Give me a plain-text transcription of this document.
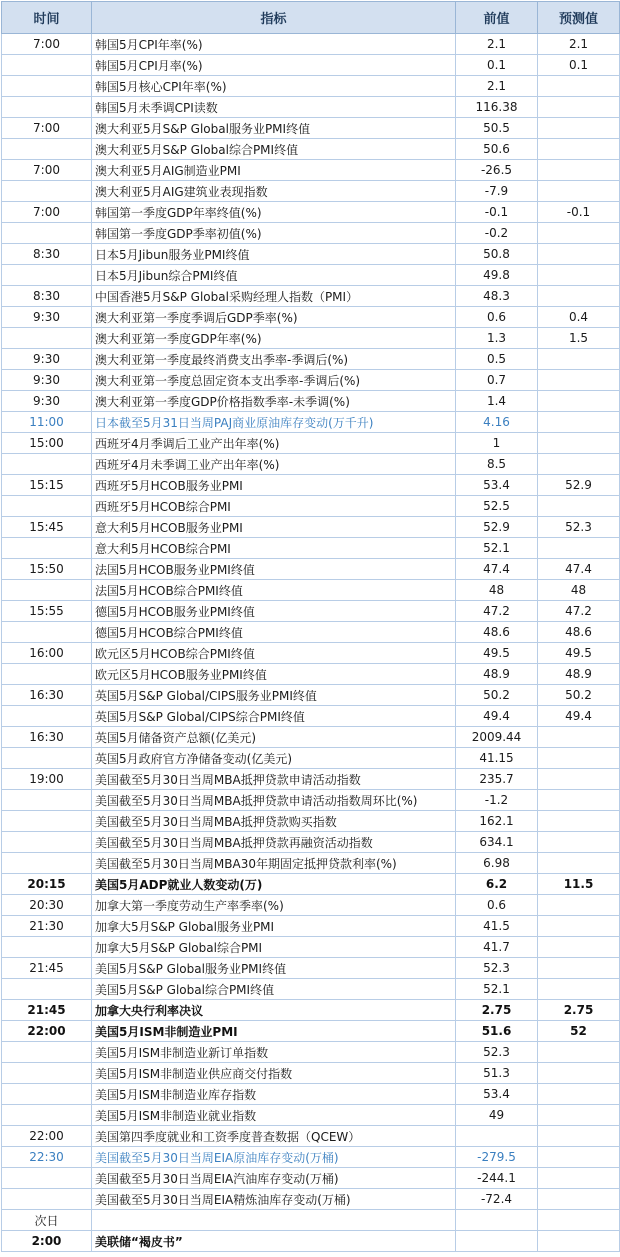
时间	指标	前值	预测值
7:00	韩国5月CPI年率(%)	2.1	2.1
	韩国5月CPI月率(%)	0.1	0.1
	韩国5月核心CPI年率(%)	2.1	
	韩国5月未季调CPI读数	116.38	
7:00	澳大利亚5月S&P Global服务业PMI终值	50.5	
	澳大利亚5月S&P Global综合PMI终值	50.6	
7:00	澳大利亚5月AIG制造业PMI	-26.5	
	澳大利亚5月AIG建筑业表现指数	-7.9	
7:00	韩国第一季度GDP年率终值(%)	-0.1	-0.1
	韩国第一季度GDP季率初值(%)	-0.2	
8:30	日本5月Jibun服务业PMI终值	50.8	
	日本5月Jibun综合PMI终值	49.8	
8:30	中国香港5月S&P Global采购经理人指数（PMI）	48.3	
9:30	澳大利亚第一季度季调后GDP季率(%)	0.6	0.4
	澳大利亚第一季度GDP年率(%)	1.3	1.5
9:30	澳大利亚第一季度最终消费支出季率-季调后(%)	0.5	
9:30	澳大利亚第一季度总固定资本支出季率-季调后(%)	0.7	
9:30	澳大利亚第一季度GDP价格指数季率-未季调(%)	1.4	
11:00	日本截至5月31日当周PAJ商业原油库存变动(万千升)	4.16	
15:00	西班牙4月季调后工业产出年率(%)	1	
	西班牙4月未季调工业产出年率(%)	8.5	
15:15	西班牙5月HCOB服务业PMI	53.4	52.9
	西班牙5月HCOB综合PMI	52.5	
15:45	意大利5月HCOB服务业PMI	52.9	52.3
	意大利5月HCOB综合PMI	52.1	
15:50	法国5月HCOB服务业PMI终值	47.4	47.4
	法国5月HCOB综合PMI终值	48	48
15:55	德国5月HCOB服务业PMI终值	47.2	47.2
	德国5月HCOB综合PMI终值	48.6	48.6
16:00	欧元区5月HCOB综合PMI终值	49.5	49.5
	欧元区5月HCOB服务业PMI终值	48.9	48.9
16:30	英国5月S&P Global/CIPS服务业PMI终值	50.2	50.2
	英国5月S&P Global/CIPS综合PMI终值	49.4	49.4
16:30	英国5月储备资产总额(亿美元)	2009.44	
	英国5月政府官方净储备变动(亿美元)	41.15	
19:00	美国截至5月30日当周MBA抵押贷款申请活动指数	235.7	
	美国截至5月30日当周MBA抵押贷款申请活动指数周环比(%)	-1.2	
	美国截至5月30日当周MBA抵押贷款购买指数	162.1	
	美国截至5月30日当周MBA抵押贷款再融资活动指数	634.1	
	美国截至5月30日当周MBA30年期固定抵押贷款利率(%)	6.98	
20:15	美国5月ADP就业人数变动(万)	6.2	11.5
20:30	加拿大第一季度劳动生产率季率(%)	0.6	
21:30	加拿大5月S&P Global服务业PMI	41.5	
	加拿大5月S&P Global综合PMI	41.7	
21:45	美国5月S&P Global服务业PMI终值	52.3	
	美国5月S&P Global综合PMI终值	52.1	
21:45	加拿大央行利率决议	2.75	2.75
22:00	美国5月ISM非制造业PMI	51.6	52
	美国5月ISM非制造业新订单指数	52.3	
	美国5月ISM非制造业供应商交付指数	51.3	
	美国5月ISM非制造业库存指数	53.4	
	美国5月ISM非制造业就业指数	49	
22:00	美国第四季度就业和工资季度普查数据（QCEW）		
22:30	美国截至5月30日当周EIA原油库存变动(万桶)	-279.5	
	美国截至5月30日当周EIA汽油库存变动(万桶)	-244.1	
	美国截至5月30日当周EIA精炼油库存变动(万桶)	-72.4	
次日			
2:00	美联储“褐皮书”		
